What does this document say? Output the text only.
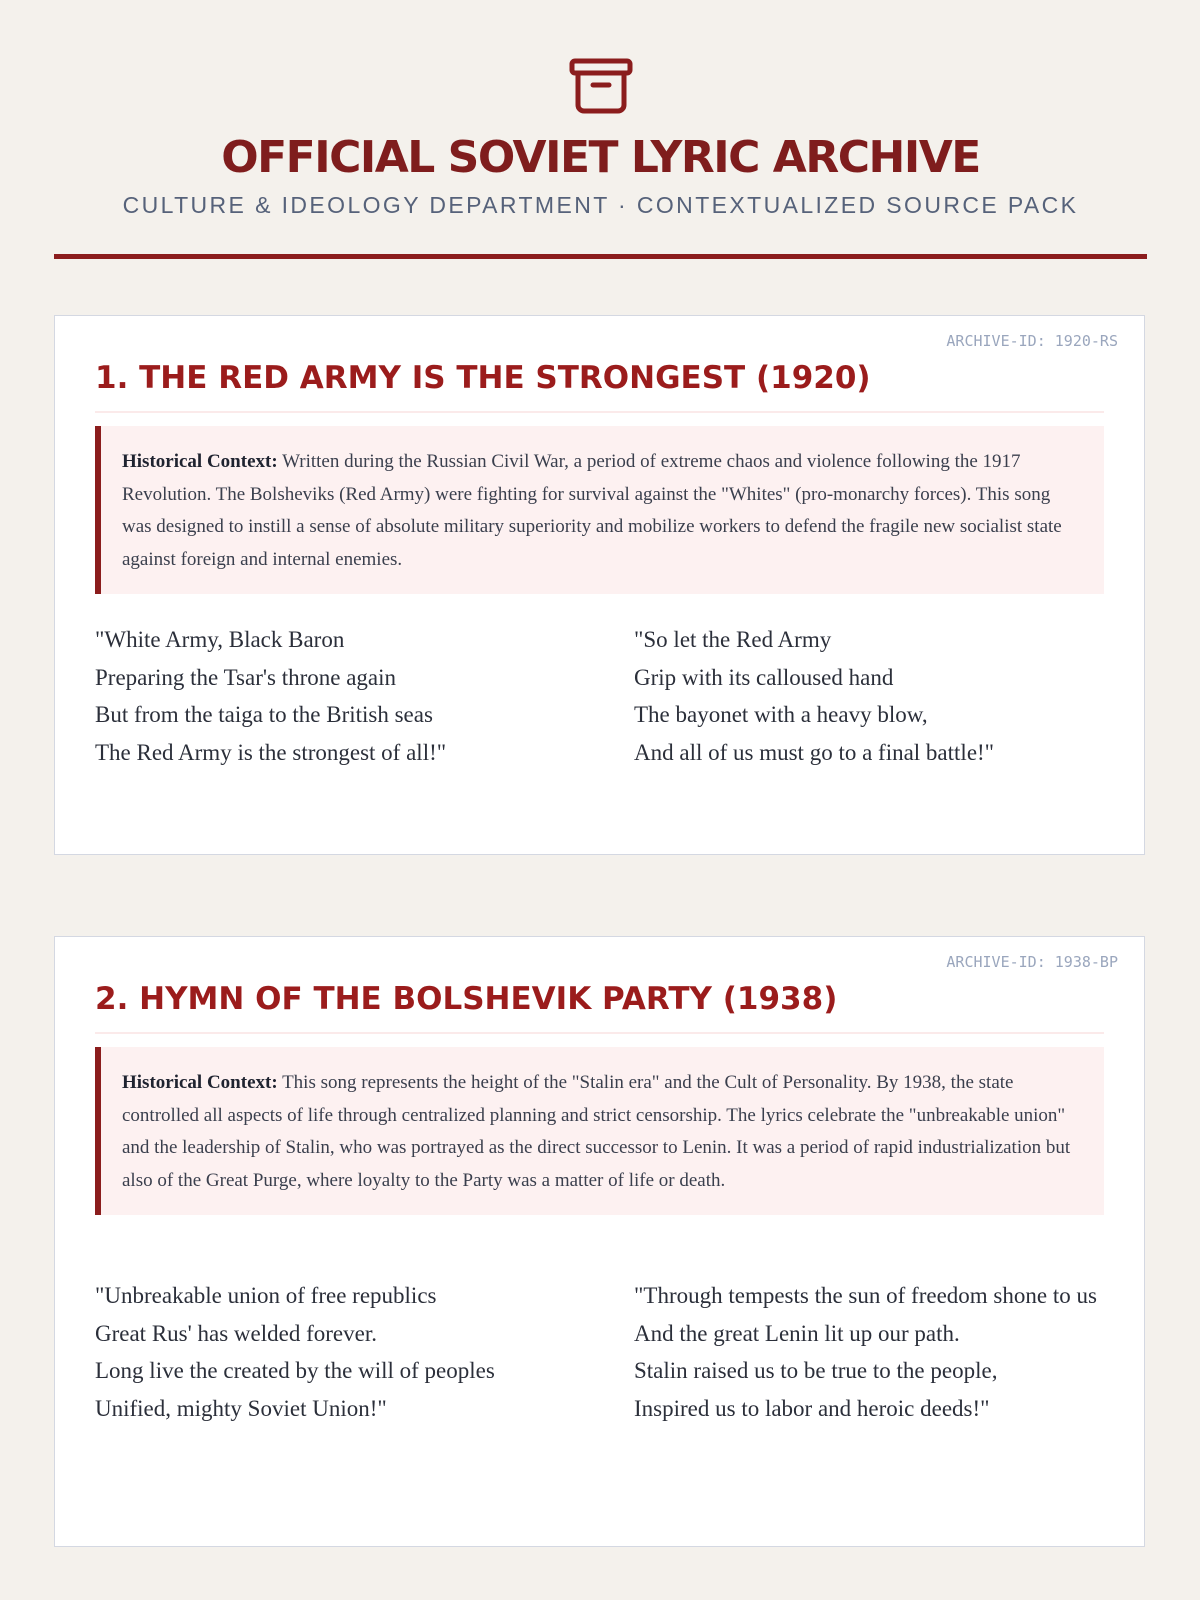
OFFICIAL SOVIET LYRIC ARCHIVE
CULTURE & IDEOLOGY DEPARTMENT · CONTEXTUALIZED SOURCE PACK
ARCHIVE-ID: 1920-RS
1. THE RED ARMY IS THE STRONGEST (1920)
Historical Context: Written during the Russian Civil War, a period of extreme chaos and violence following the 1917 Revolution. The Bolsheviks (Red Army) were fighting for survival against the "Whites" (pro-monarchy forces). This song was designed to instill a sense of absolute military superiority and mobilize workers to defend the fragile new socialist state against foreign and internal enemies.
"White Army, Black Baron
Preparing the Tsar's throne again
But from the taiga to the British seas
The Red Army is the strongest of all!"
"So let the Red Army
Grip with its calloused hand
The bayonet with a heavy blow,
And all of us must go to a final battle!"
ARCHIVE-ID: 1938-BP
2. HYMN OF THE BOLSHEVIK PARTY (1938)
Historical Context: This song represents the height of the "Stalin era" and the Cult of Personality. By 1938, the state controlled all aspects of life through centralized planning and strict censorship. The lyrics celebrate the "unbreakable union" and the leadership of Stalin, who was portrayed as the direct successor to Lenin. It was a period of rapid industrialization but also of the Great Purge, where loyalty to the Party was a matter of life or death.
"Unbreakable union of free republics
Great Rus' has welded forever.
Long live the created by the will of peoples
Unified, mighty Soviet Union!"
"Through tempests the sun of freedom shone to us
And the great Lenin lit up our path.
Stalin raised us to be true to the people,
Inspired us to labor and heroic deeds!"
